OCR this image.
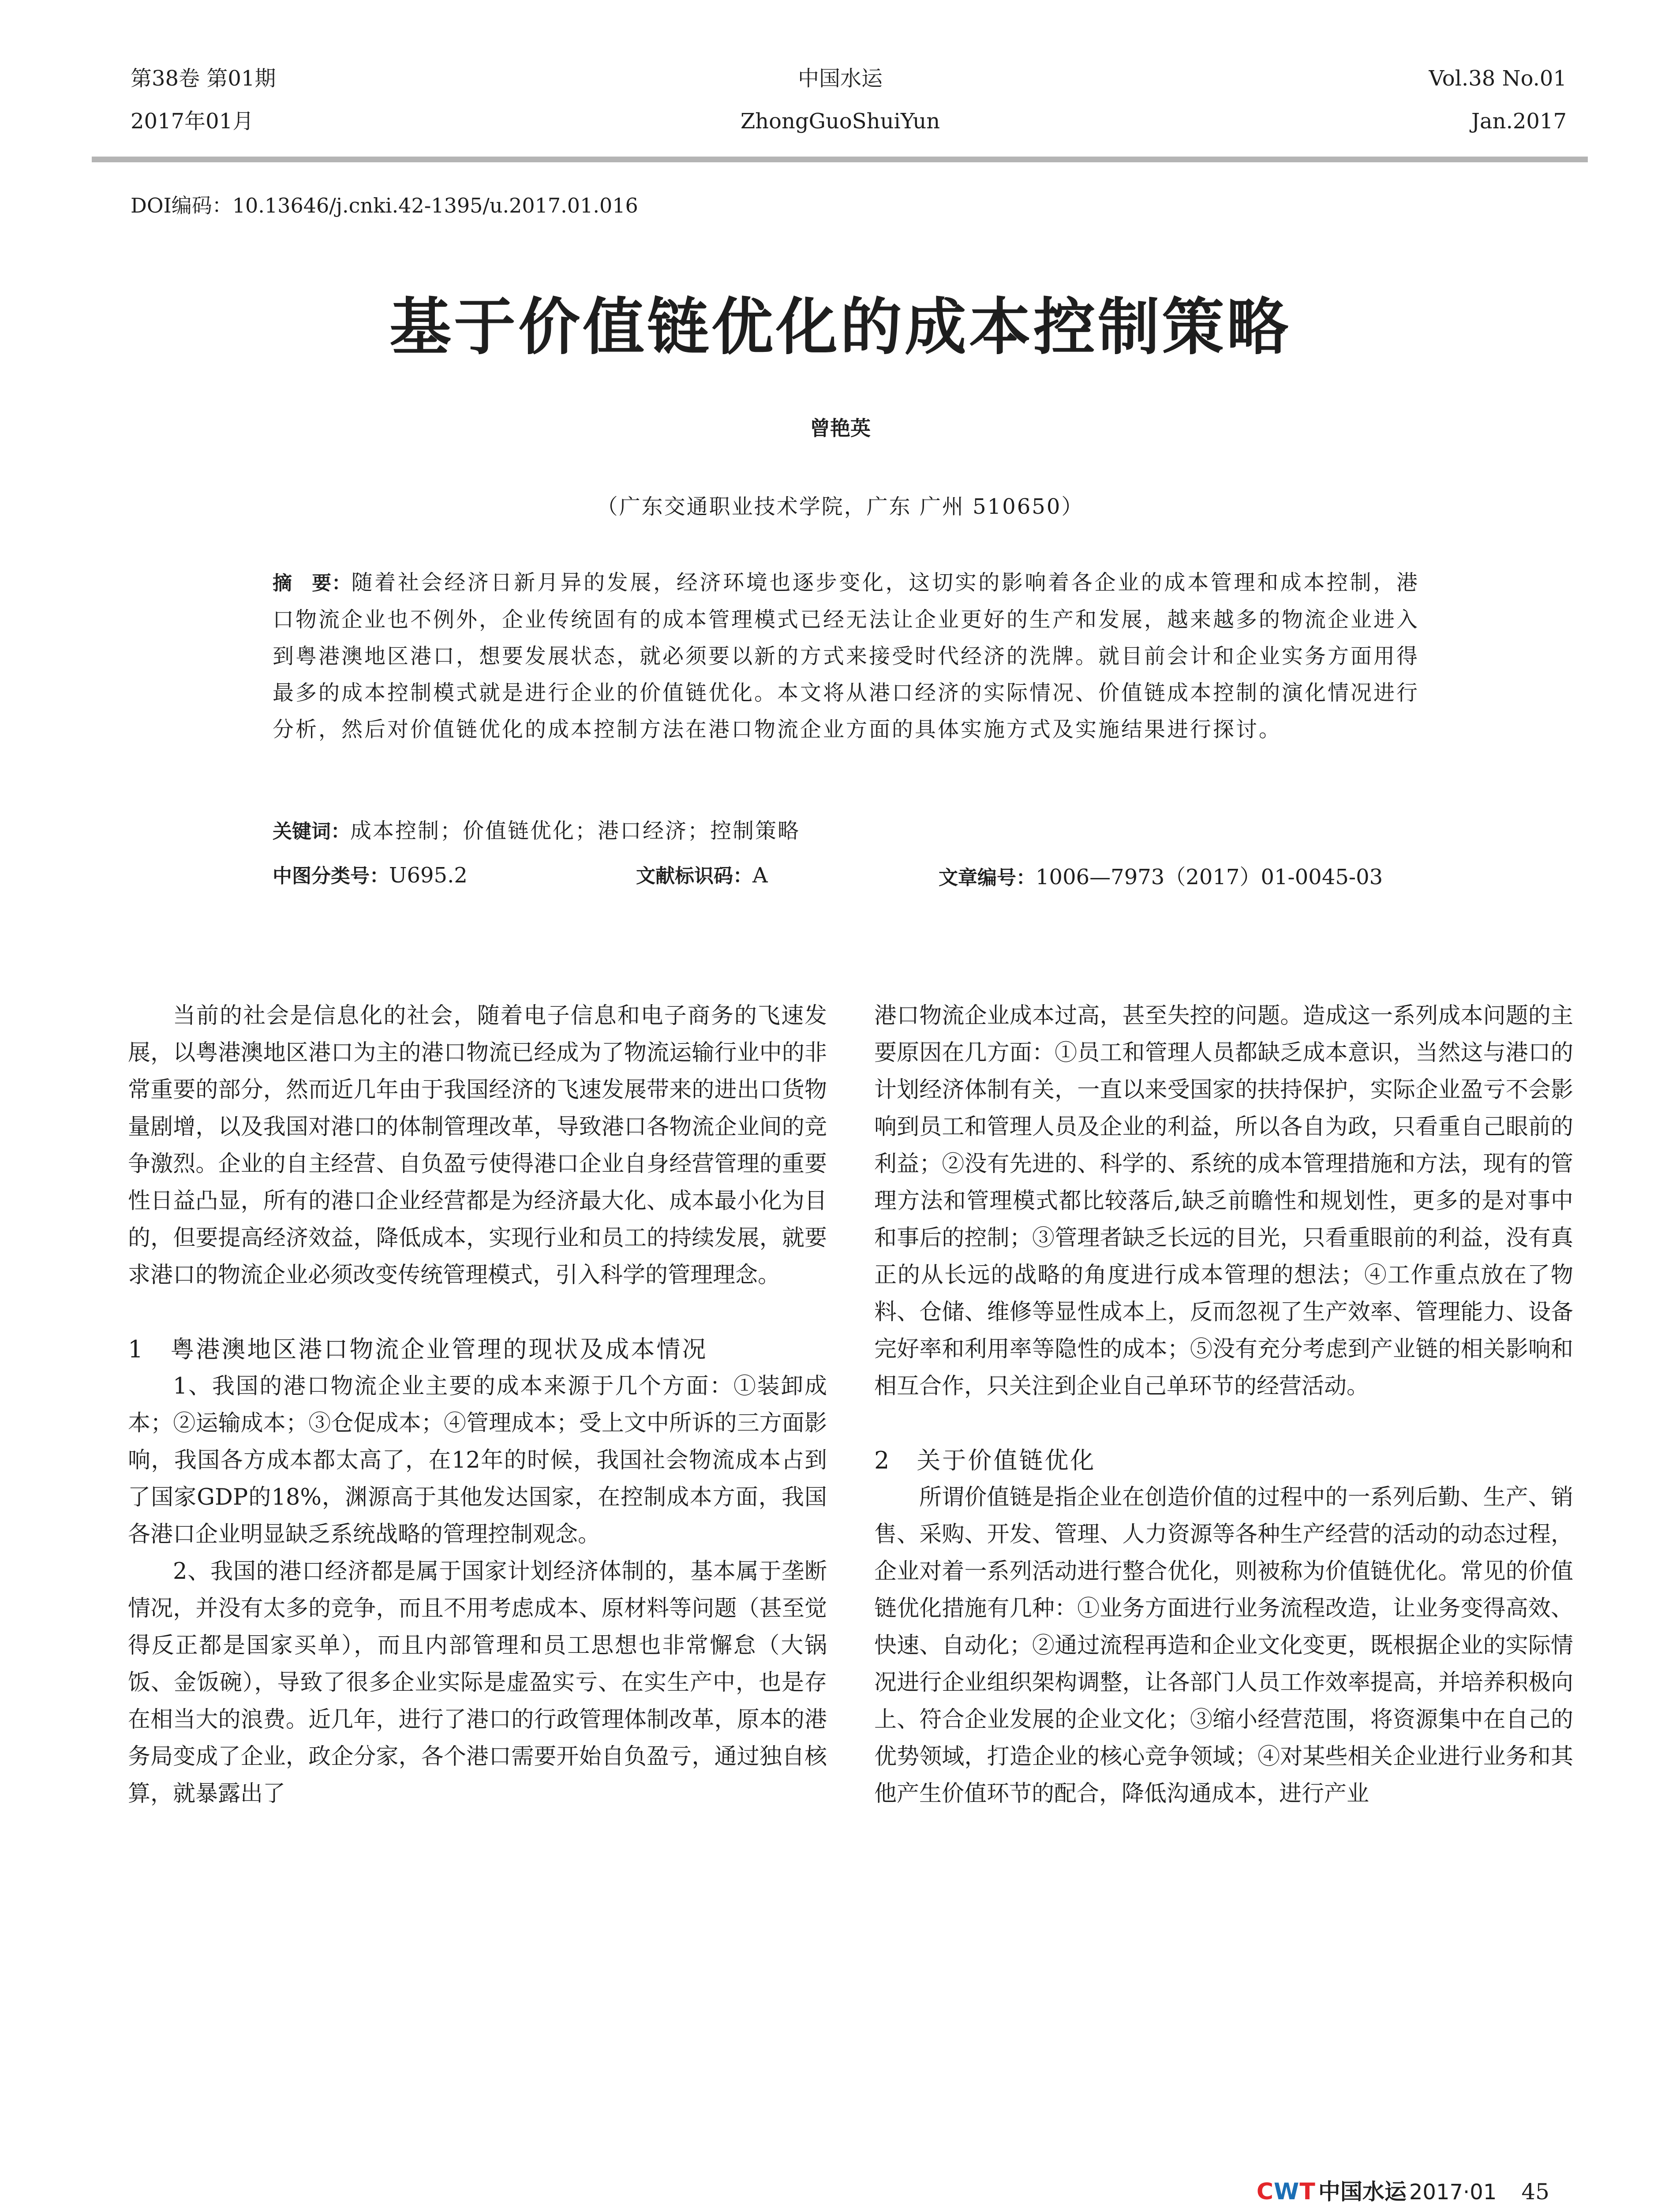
第38卷 第01期
2017年01月
中国水运
ZhongGuoShuiYun
Vol.38 No.01
Jan.2017
DOI编码：10.13646/j.cnki.42-1395/u.2017.01.016
基于价值链优化的成本控制策略
曾艳英
（广东交通职业技术学院，广东 广州 510650）
摘　要：随着社会经济日新月异的发展，经济环境也逐步变化，这切实的影响着各企业的成本管理和成本控制，港口物流企业也不例外，企业传统固有的成本管理模式已经无法让企业更好的生产和发展，越来越多的物流企业进入到粤港澳地区港口，想要发展状态，就必须要以新的方式来接受时代经济的洗牌。就目前会计和企业实务方面用得最多的成本控制模式就是进行企业的价值链优化。本文将从港口经济的实际情况、价值链成本控制的演化情况进行分析，然后对价值链优化的成本控制方法在港口物流企业方面的具体实施方式及实施结果进行探讨。
关键词：成本控制；价值链优化；港口经济；控制策略
中图分类号：U695.2	文献标识码：A	文章编号：1006—7973（2017）01-0045-03

当前的社会是信息化的社会，随着电子信息和电子商务的飞速发展，以粤港澳地区港口为主的港口物流已经成为了物流运输行业中的非常重要的部分，然而近几年由于我国经济的飞速发展带来的进出口货物量剧增，以及我国对港口的体制管理改革，导致港口各物流企业间的竞争激烈。企业的自主经营、自负盈亏使得港口企业自身经营管理的重要性日益凸显，所有的港口企业经营都是为经济最大化、成本最小化为目的，但要提高经济效益，降低成本，实现行业和员工的持续发展，就要求港口的物流企业必须改变传统管理模式，引入科学的管理理念。

1　粤港澳地区港口物流企业管理的现状及成本情况

1、我国的港口物流企业主要的成本来源于几个方面：①装卸成本；②运输成本；③仓促成本；④管理成本；受上文中所诉的三方面影响，我国各方成本都太高了，在12年的时候，我国社会物流成本占到了国家GDP的18%，渊源高于其他发达国家，在控制成本方面，我国各港口企业明显缺乏系统战略的管理控制观念。

2、我国的港口经济都是属于国家计划经济体制的，基本属于垄断情况，并没有太多的竞争，而且不用考虑成本、原材料等问题（甚至觉得反正都是国家买单），而且内部管理和员工思想也非常懈怠（大锅饭、金饭碗），导致了很多企业实际是虚盈实亏、在实生产中，也是存在相当大的浪费。近几年，进行了港口的行政管理体制改革，原本的港务局变成了企业，政企分家，各个港口需要开始自负盈亏，通过独自核算，就暴露出了

港口物流企业成本过高，甚至失控的问题。造成这一系列成本问题的主要原因在几方面：①员工和管理人员都缺乏成本意识，当然这与港口的计划经济体制有关，一直以来受国家的扶持保护，实际企业盈亏不会影响到员工和管理人员及企业的利益，所以各自为政，只看重自己眼前的利益；②没有先进的、科学的、系统的成本管理措施和方法，现有的管理方法和管理模式都比较落后,缺乏前瞻性和规划性，更多的是对事中和事后的控制；③管理者缺乏长远的目光，只看重眼前的利益，没有真正的从长远的战略的角度进行成本管理的想法；④工作重点放在了物料、仓储、维修等显性成本上，反而忽视了生产效率、管理能力、设备完好率和利用率等隐性的成本；⑤没有充分考虑到产业链的相关影响和相互合作，只关注到企业自己单环节的经营活动。

2　关于价值链优化

所谓价值链是指企业在创造价值的过程中的一系列后勤、生产、销售、采购、开发、管理、人力资源等各种生产经营的活动的动态过程，企业对着一系列活动进行整合优化，则被称为价值链优化。常见的价值链优化措施有几种：①业务方面进行业务流程改造，让业务变得高效、快速、自动化；②通过流程再造和企业文化变更，既根据企业的实际情况进行企业组织架构调整，让各部门人员工作效率提高，并培养积极向上、符合企业发展的企业文化；③缩小经营范围，将资源集中在自己的优势领域，打造企业的核心竞争领域；④对某些相关企业进行业务和其他产生价值环节的配合，降低沟通成本，进行产业

CWT 中国水运 2017·01 45
